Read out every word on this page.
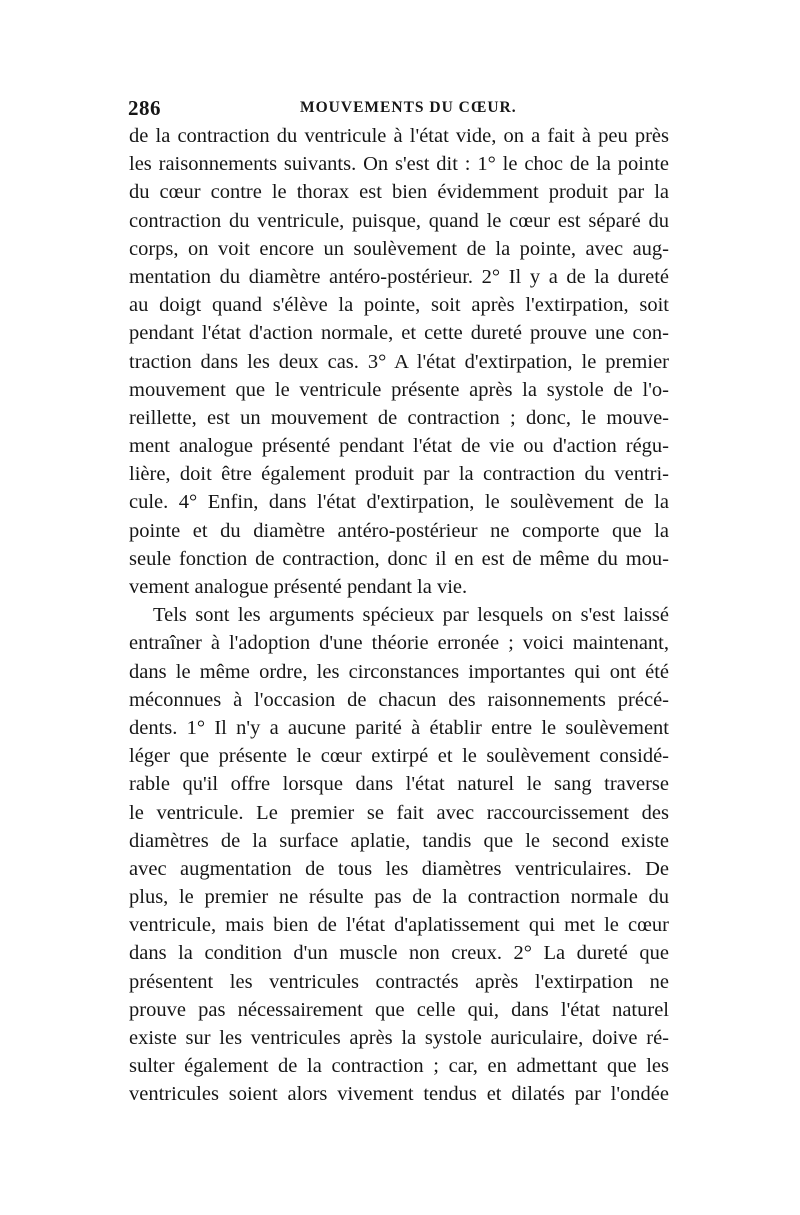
286	MOUVEMENTS DU CŒUR.
de la contraction du ventricule à l'état vide, on a fait à peu près
les raisonnements suivants. On s'est dit : 1° le choc de la pointe
du cœur contre le thorax est bien évidemment produit par la
contraction du ventricule, puisque, quand le cœur est séparé du
corps, on voit encore un soulèvement de la pointe, avec aug-
mentation du diamètre antéro-postérieur. 2° Il y a de la dureté
au doigt quand s'élève la pointe, soit après l'extirpation, soit
pendant l'état d'action normale, et cette dureté prouve une con-
traction dans les deux cas. 3° A l'état d'extirpation, le premier
mouvement que le ventricule présente après la systole de l'o-
reillette, est un mouvement de contraction ; donc, le mouve-
ment analogue présenté pendant l'état de vie ou d'action régu-
lière, doit être également produit par la contraction du ventri-
cule. 4° Enfin, dans l'état d'extirpation, le soulèvement de la
pointe et du diamètre antéro-postérieur ne comporte que la
seule fonction de contraction, donc il en est de même du mou-
vement analogue présenté pendant la vie.
Tels sont les arguments spécieux par lesquels on s'est laissé
entraîner à l'adoption d'une théorie erronée ; voici maintenant,
dans le même ordre, les circonstances importantes qui ont été
méconnues à l'occasion de chacun des raisonnements précé-
dents. 1° Il n'y a aucune parité à établir entre le soulèvement
léger que présente le cœur extirpé et le soulèvement considé-
rable qu'il offre lorsque dans l'état naturel le sang traverse
le ventricule. Le premier se fait avec raccourcissement des
diamètres de la surface aplatie, tandis que le second existe
avec augmentation de tous les diamètres ventriculaires. De
plus, le premier ne résulte pas de la contraction normale du
ventricule, mais bien de l'état d'aplatissement qui met le cœur
dans la condition d'un muscle non creux. 2° La dureté que
présentent les ventricules contractés après l'extirpation ne
prouve pas nécessairement que celle qui, dans l'état naturel
existe sur les ventricules après la systole auriculaire, doive ré-
sulter également de la contraction ; car, en admettant que les
ventricules soient alors vivement tendus et dilatés par l'ondée
